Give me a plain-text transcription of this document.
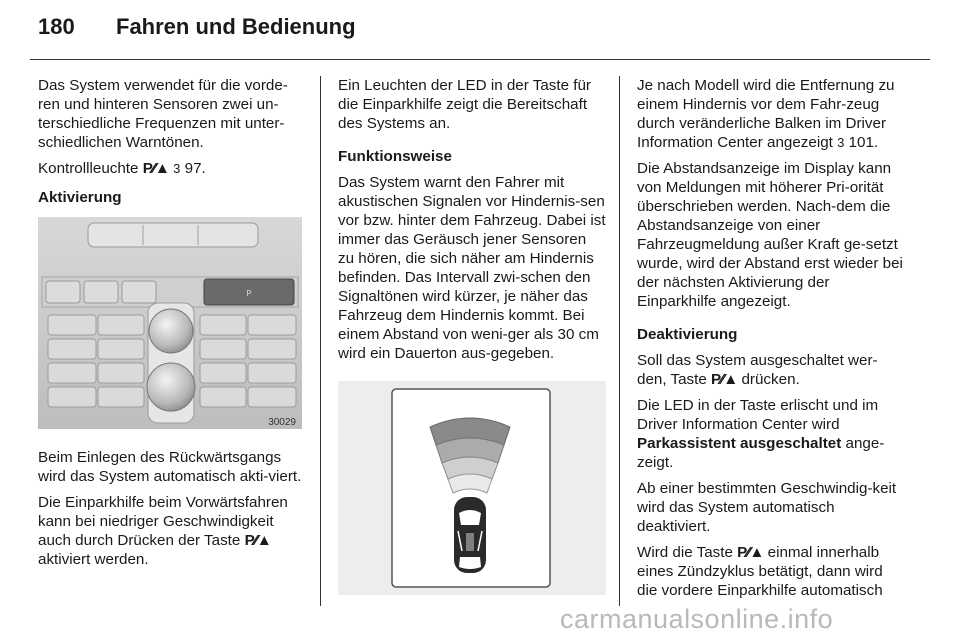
180	Fahren und Bedienung

Das System verwendet für die vorde-ren und hinteren Sensoren zwei un-terschiedliche Frequenzen mit unter-schiedlichen Warntönen.

Kontrollleuchte P⁄⁄▲ 3 97.

Aktivierung

P
30029

Beim Einlegen des Rückwärtsgangs wird das System automatisch akti-viert.

Die Einparkhilfe beim Vorwärtsfahren kann bei niedriger Geschwindigkeit auch durch Drücken der Taste P⁄⁄▲ aktiviert werden.

Ein Leuchten der LED in der Taste für die Einparkhilfe zeigt die Bereitschaft des Systems an.

Funktionsweise

Das System warnt den Fahrer mit akustischen Signalen vor Hindernis-sen vor bzw. hinter dem Fahrzeug. Dabei ist immer das Geräusch jener Sensoren zu hören, die sich näher am Hindernis befinden. Das Intervall zwi-schen den Signaltönen wird kürzer, je näher das Fahrzeug dem Hindernis kommt. Bei einem Abstand von weni-ger als 30 cm wird ein Dauerton aus-gegeben.

Je nach Modell wird die Entfernung zu einem Hindernis vor dem Fahr-zeug durch veränderliche Balken im Driver Information Center angezeigt 3 101.

Die Abstandsanzeige im Display kann von Meldungen mit höherer Pri-orität überschrieben werden. Nach-dem die Abstandsanzeige von einer Fahrzeugmeldung außer Kraft ge-setzt wurde, wird der Abstand erst wieder bei der nächsten Aktivierung der Einparkhilfe angezeigt.

Deaktivierung

Soll das System ausgeschaltet wer-den, Taste P⁄⁄▲ drücken.

Die LED in der Taste erlischt und im Driver Information Center wird Parkassistent ausgeschaltet ange-zeigt.

Ab einer bestimmten Geschwindig-keit wird das System automatisch deaktiviert.

Wird die Taste P⁄⁄▲ einmal innerhalb eines Zündzyklus betätigt, dann wird die vordere Einparkhilfe automatisch

carmanualsonline.info
